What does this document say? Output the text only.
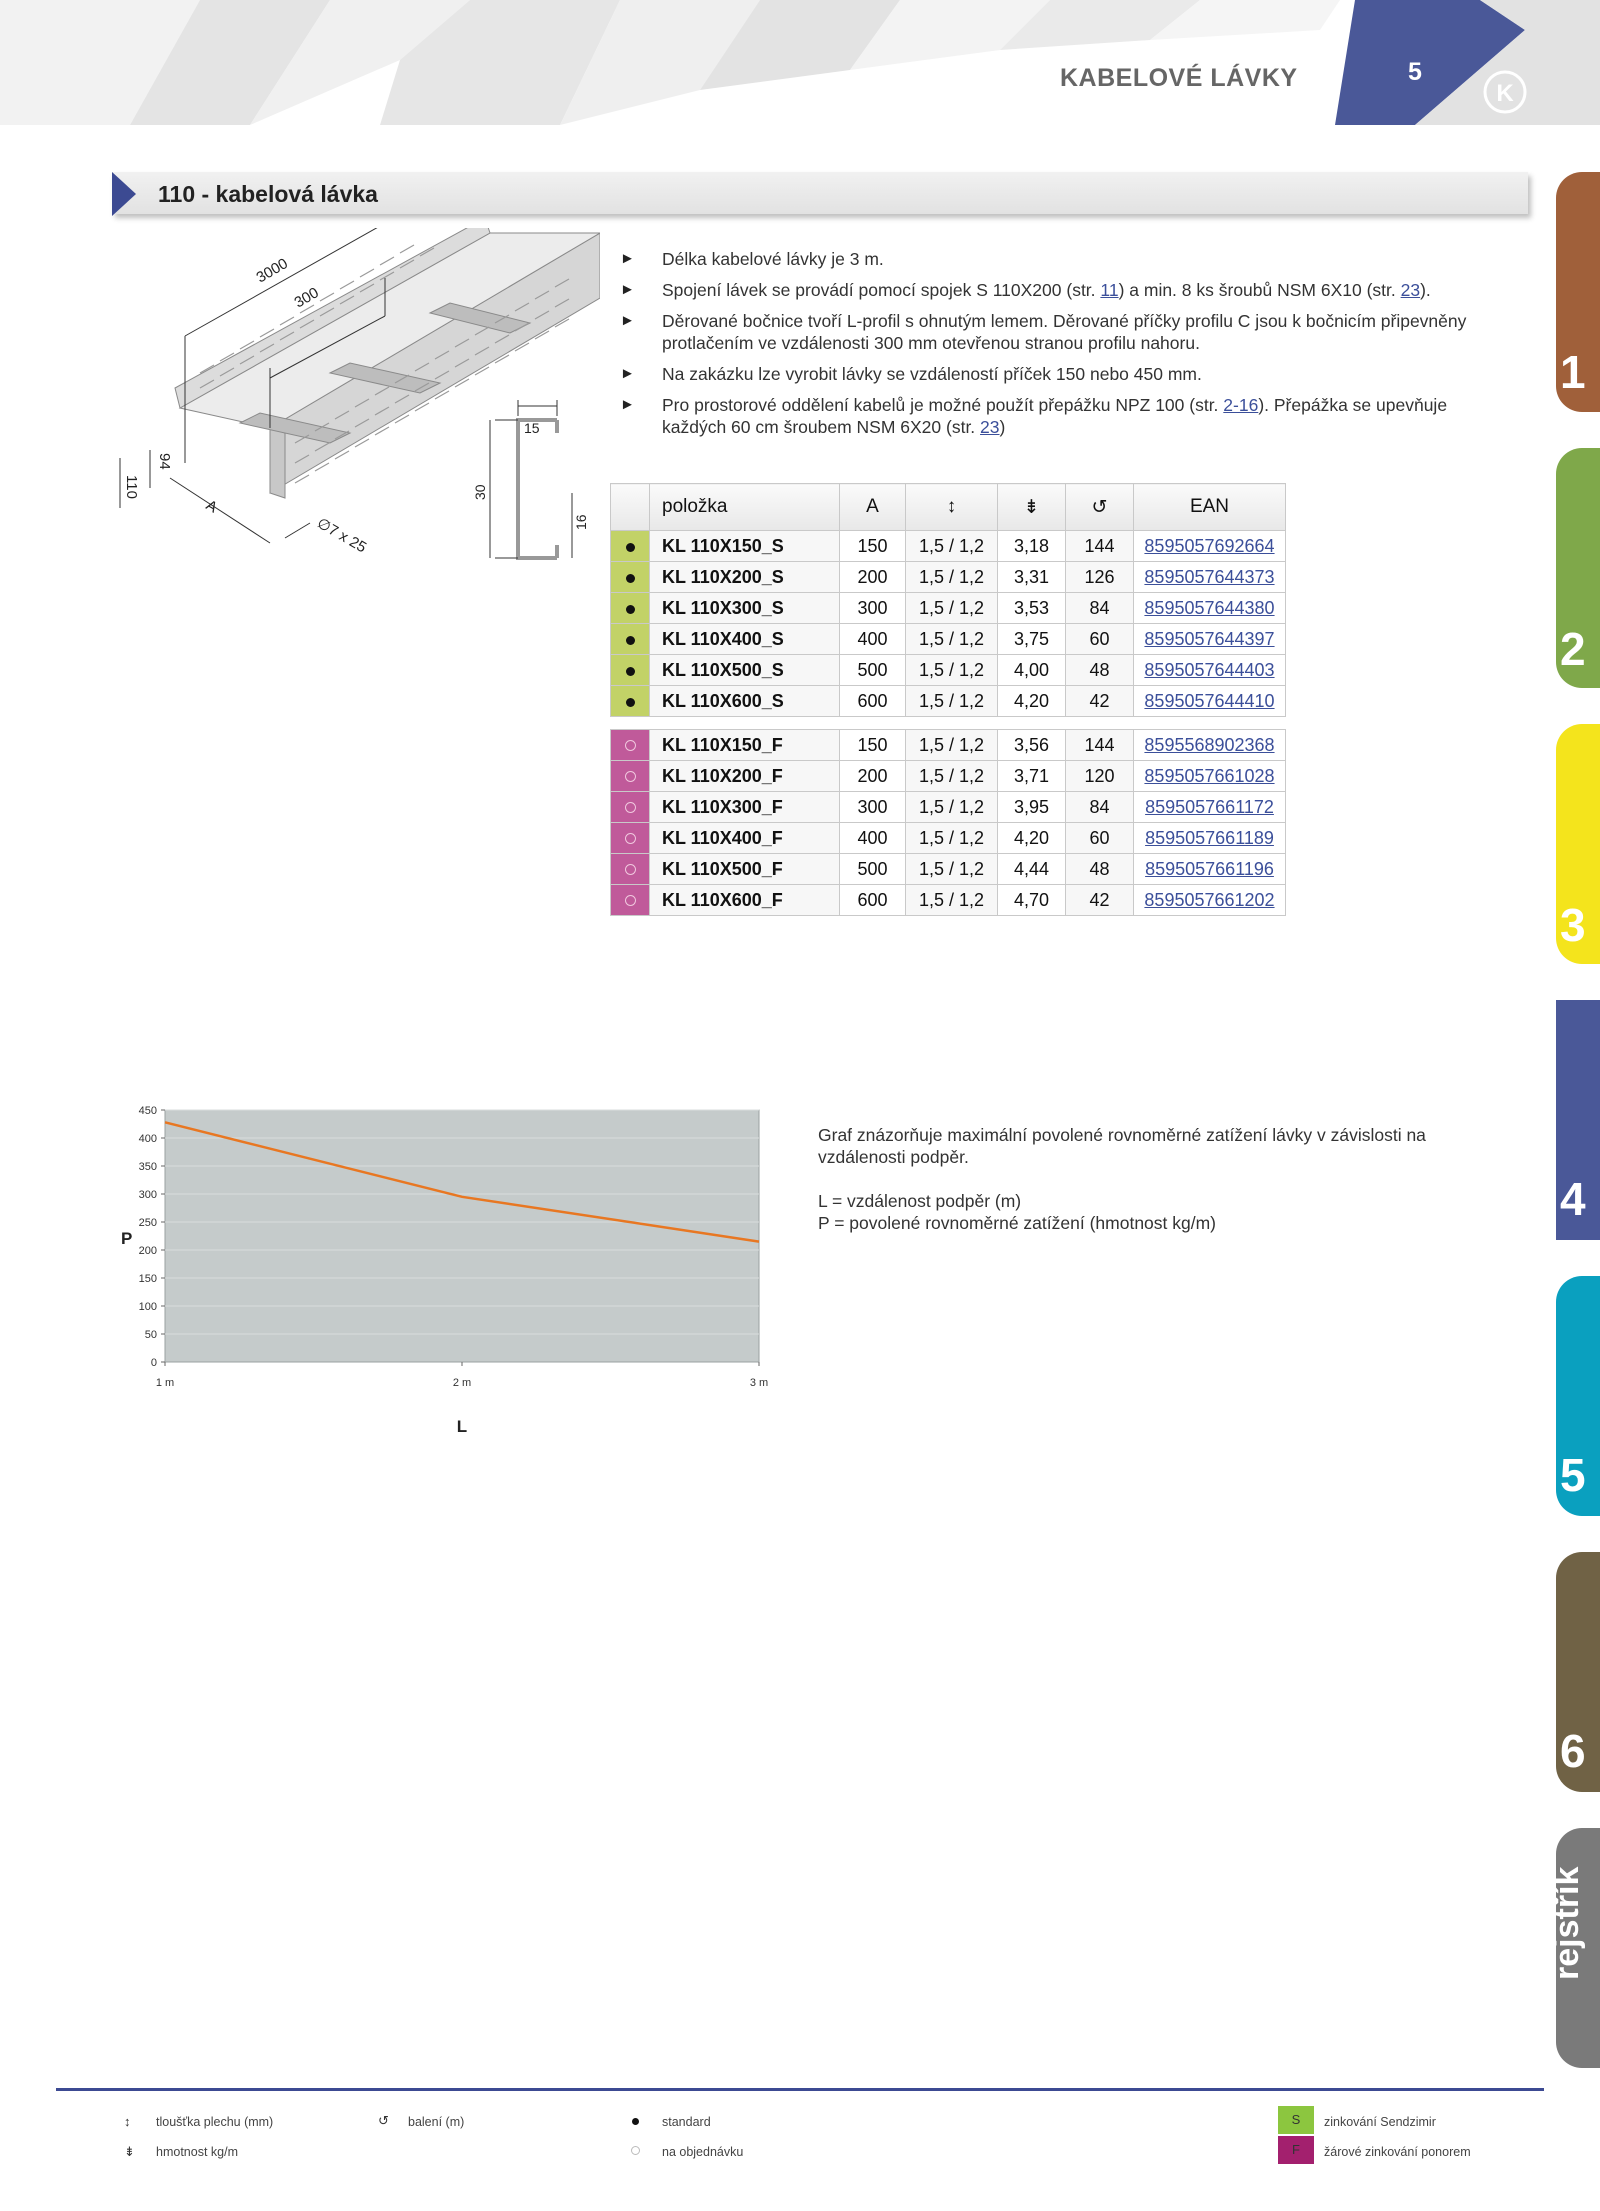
K
KABELOVÉ LÁVKY	5
110 - kabelová lávka
3000
300
110
94
A
∅7 x 25
15
30
16
► Délka kabelové lávky je 3 m.
► Spojení lávek se provádí pomocí spojek S 110X200 (str. 11) a min. 8 ks šroubů NSM 6X10 (str. 23).
► Děrované bočnice tvoří L-profil s ohnutým lemem. Děrované příčky profilu C jsou k bočnicím připevněny protlačením ve vzdálenosti 300 mm otevřenou stranou profilu nahoru.
► Na zakázku lze vyrobit lávky se vzdáleností příček 150 nebo 450 mm.
► Pro prostorové oddělení kabelů je možné použít přepážku NPZ 100 (str. 2-16). Přepážka se upevňuje každých 60 cm šroubem NSM 6X20 (str. 23)
	položka	A	↕	⇟	↺	EAN
	KL 110X150_S	150	1,5 / 1,2	3,18	144	8595057692664
	KL 110X200_S	200	1,5 / 1,2	3,31	126	8595057644373
	KL 110X300_S	300	1,5 / 1,2	3,53	84	8595057644380
	KL 110X400_S	400	1,5 / 1,2	3,75	60	8595057644397
	KL 110X500_S	500	1,5 / 1,2	4,00	48	8595057644403
	KL 110X600_S	600	1,5 / 1,2	4,20	42	8595057644410

	KL 110X150_F	150	1,5 / 1,2	3,56	144	8595568902368
	KL 110X200_F	200	1,5 / 1,2	3,71	120	8595057661028
	KL 110X300_F	300	1,5 / 1,2	3,95	84	8595057661172
	KL 110X400_F	400	1,5 / 1,2	4,20	60	8595057661189
	KL 110X500_F	500	1,5 / 1,2	4,44	48	8595057661196
	KL 110X600_F	600	1,5 / 1,2	4,70	42	8595057661202
1
2
3
4
5
6
rejstřík
0
50
100
150
200
250
300
350
400
450
1 m	2 m	3 m
P
L

Graf znázorňuje maximální povolené rovnoměrné zatížení lávky v závislosti na vzdálenosti podpěr.

L = vzdálenost podpěr (m)
P = povolené rovnoměrné zatížení (hmotnost kg/m)
↕ tloušťka plechu (mm)
⇟ hmotnost kg/m
↺ balení (m)	standard
na objednávku
S	zinkování Sendzimir
F	žárové zinkování ponorem
